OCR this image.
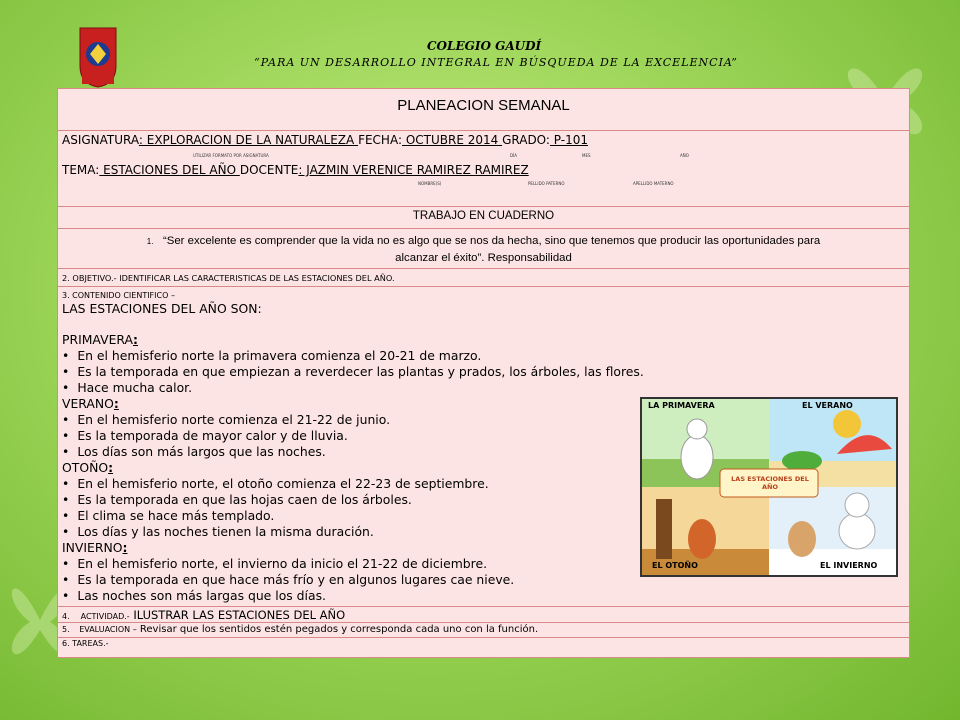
COLEGIO GAUDÍ
“PARA UN DESARROLLO INTEGRAL EN BÚSQUEDA DE LA EXCELENCIA”
PLANEACION SEMANAL
ASIGNATURA: EXPLORACION DE LA NATURALEZA FECHA: OCTUBRE 2014 GRADO: P-101
UTILIZAR FORMATO POR ASIGNATURA	DÍA	MES	AÑO
TEMA: ESTACIONES DEL AÑO DOCENTE: JAZMIN VERENICE RAMIREZ RAMIREZ
NOMBRE(S)	PELLIDO PATERNO	APELLIDO MATERNO
TRABAJO EN CUADERNO
1. “Ser excelente es comprender que la vida no es algo que se nos da hecha, sino que tenemos que producir las oportunidades para
alcanzar el éxito”. Responsabilidad
2. OBJETIVO.- IDENTIFICAR LAS CARACTERISTICAS DE LAS ESTACIONES DEL AÑO.
3. CONTENIDO CIENTIFICO –
LAS ESTACIONES DEL AÑO SON:
PRIMAVERA:
• En el hemisferio norte la primavera comienza el 20-21 de marzo.
• Es la temporada en que empiezan a reverdecer las plantas y prados, los árboles, las flores.
• Hace mucha calor.
VERANO:
• En el hemisferio norte comienza el 21-22 de junio.
• Es la temporada de mayor calor y de lluvia.
• Los días son más largos que las noches.
OTOÑO:
• En el hemisferio norte, el otoño comienza el 22-23 de septiembre.
• Es la temporada en que las hojas caen de los árboles.
• El clima se hace más templado.
• Los días y las noches tienen la misma duración.
INVIERNO:
• En el hemisferio norte, el invierno da inicio el 21-22 de diciembre.
• Es la temporada en que hace más frío y en algunos lugares cae nieve.
• Las noches son más largas que los días.
4. ACTIVIDAD.- ILUSTRAR LAS ESTACIONES DEL AÑO
5. EVALUACION – Revisar que los sentidos estén pegados y corresponda cada uno con la función.
6. TAREAS.-
LA PRIMAVERA	EL VERANO
LAS ESTACIONES DEL AÑO
EL OTOÑO	EL INVIERNO
